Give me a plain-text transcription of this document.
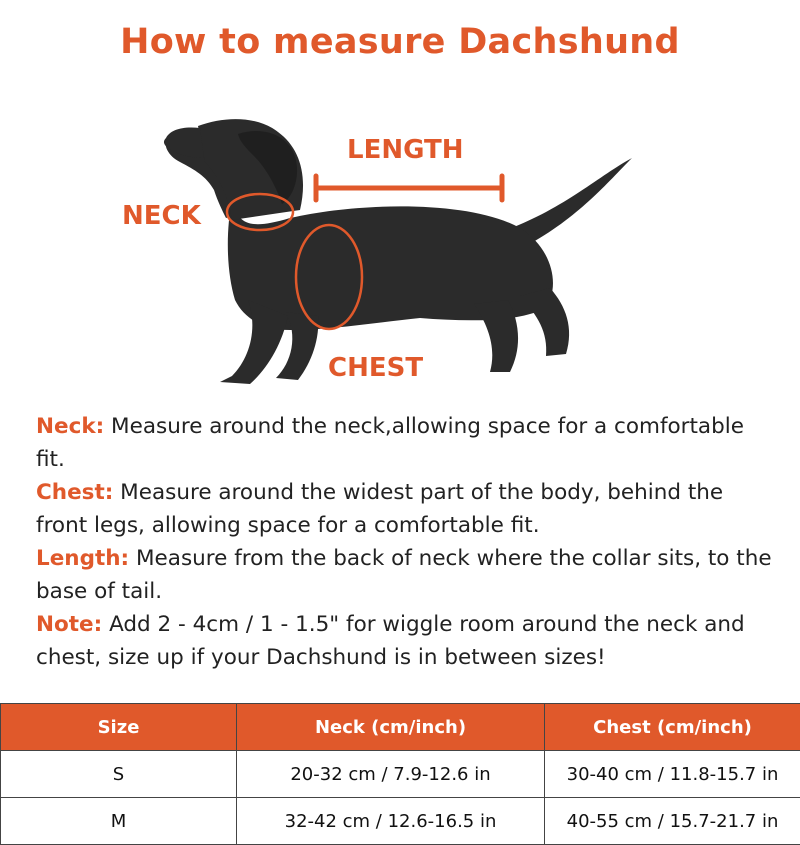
How to measure Dachshund
LENGTH
NECK
CHEST

Neck: Measure around the neck,allowing space for a comfortable fit.

Chest: Measure around the widest part of the body, behind the front legs, allowing space for a comfortable fit.

Length: Measure from the back of neck where the collar sits, to the base of tail.

Note: Add 2 - 4cm / 1 - 1.5" for wiggle room around the neck and chest, size up if your Dachshund is in between sizes!

Size	Neck (cm/inch)	Chest (cm/inch)
S	20-32 cm / 7.9-12.6 in	30-40 cm / 11.8-15.7 in
M	32-42 cm / 12.6-16.5 in	40-55 cm / 15.7-21.7 in
